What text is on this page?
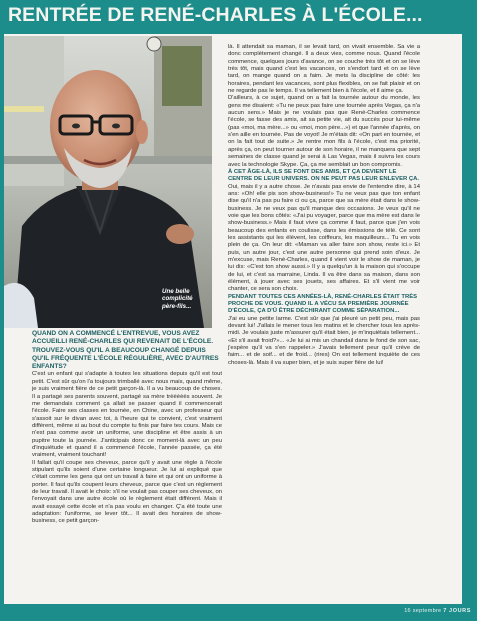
RENTRÉE DE RENÉ-CHARLES À L'ÉCOLE...
Une belle
complicité
père-fils...

QUAND ON A COMMENCÉ L'ENTREVUE, VOUS AVEZ ACCUEILLI RENÉ-CHARLES QUI REVENAIT DE L'ÉCOLE. TROUVEZ-VOUS QU'IL A BEAUCOUP CHANGÉ DEPUIS QU'IL FRÉQUENTE L'ÉCOLE RÉGULIÈRE, AVEC D'AUTRES ENFANTS?

C'est un enfant qui s'adapte à toutes les situations depuis qu'il est tout petit. C'est sûr qu'on l'a toujours trimballé avec nous mais, quand même, je suis vraiment fière de ce petit garçon-là. Il a vu beaucoup de choses. Il a partagé ses parents souvent, partagé sa mère trèèèèès souvent. Je me demandais comment ça allait se passer quand il commencerait l'école. Faire ses classes en tournée, en Chine, avec un professeur qui s'assoit sur le divan avec toi, à l'heure qui te convient, c'est vraiment différent, même si au bout du compte tu finis par faire tes cours. Mais ce n'est pas comme avoir un uniforme, une discipline et être assis à un pupitre toute la journée. J'anticipais donc ce moment-là avec un peu d'inquiétude et quand il a commencé l'école, l'année passée, ça été vraiment, vraiment touchant!

Il fallait qu'il coupe ses cheveux, parce qu'il y avait une règle à l'école stipulant qu'ils soient d'une certaine longueur. Je lui ai expliqué que c'était comme les gens qui ont un travail à faire et qui ont un uniforme à porter. Il faut qu'ils coupent leurs cheveux, parce que c'est un règlement de leur travail. Il avait le choix: s'il ne voulait pas couper ses cheveux, on l'envoyait dans une autre école où le règlement était différent. Mais il avait essayé cette école et n'a pas voulu en changer. Ç'a été toute une adaptation: l'uniforme, se lever tôt... Il avait des horaires de show-business, ce petit garçon-

là. Il attendait sa maman, il se levait tard, on vivait ensemble. Sa vie a donc complètement changé. Il a deux vies, comme nous. Quand l'école commence, quelques jours d'avance, on se couche très tôt et on se lève très tôt, mais quand c'est les vacances, on s'endort tard et on se lève tard, on mange quand on a faim. Je mets la discipline de côté: les horaires, pendant les vacances, sont plus flexibles, on se fait plaisir et on ne regarde pas le temps. Il va tellement bien à l'école, et il aime ça.

D'ailleurs, à ce sujet, quand on a fait la tournée autour du monde, les gens me disaient: «Tu ne peux pas faire une tournée après Vegas, ça n'a aucun sens.» Mais je ne voulais pas que René-Charles commence l'école, se fasse des amis, ait sa petite vie, ait du succès pour lui-même (pas «moi, ma mère...» ou «moi, mon père...») et que l'année d'après, on s'en aille en tournée. Pas de voyot! Je m'étais dit: «On part en tournée, et on la fait tout de suite.» Je rentre mon fils à l'école, c'est ma priorité, après ça, on peut tourner autour de son horaire, il ne manquera que sept semaines de classe quand je serai à Las Vegas, mais il suivra les cours avec la technologie Skype. Ça, ça me semblait un bon compromis.

À CET ÂGE-LÀ, ILS SE FONT DES AMIS, ET ÇA DEVIENT LE CENTRE DE LEUR UNIVERS. ON NE PEUT PAS LEUR ENLEVER ÇA.

Oui, mais il y a autre chose. Je n'avais pas envie de l'entendre dire, à 14 ans: «Oh! elle pis son show-business!» Tu ne veux pas que ton enfant dise qu'il n'a pas pu faire ci ou ça, parce que sa mère était dans le show-business. Je ne veux pas qu'il manque des occasions. Je veux qu'il ne voie que les bons côtés: «J'ai pu voyager, parce que ma mère est dans le show-business.» Mais il faut vivre ça comme il faut, parce que j'en vois beaucoup des enfants en coulisse, dans les émissions de télé. Ce sont les assistants qui les élèvent, les coiffeurs, les maquilleurs... Tu en vois plein de ça. On leur dit: «Maman va aller faire son show, reste ici.» Et puis, un autre jour, c'est une autre personne qui prend soin d'eux. Je m'excuse, mais René-Charles, quand il vient voir le show de maman, je lui dis: «C'est ton show aussi.» Il y a quelqu'un à la maison qui s'occupe de lui, et c'est sa marraine, Linda. Il va être dans sa maison, dans son élément, à jouer avec ses jouets, ses affaires. Et s'il vient me voir chanter, ce sera son choix.

PENDANT TOUTES CES ANNÉES-LÀ, RENÉ-CHARLES ÉTAIT TRÈS PROCHE DE VOUS. QUAND IL A VÉCU SA PREMIÈRE JOURNÉE D'ÉCOLE, ÇA D'Û ÊTRE DÉCHIRANT COMME SÉPARATION...

J'ai eu une petite larme. C'est sûr que j'ai pleuré un petit peu, mais pas devant lui! J'allais le mener tous les matins et le chercher tous les après-midi. Je voulais juste m'assurer qu'il était bien, je m'inquiétais tellement... «Et s'il avait froid?»... «Je lui ai mis un chandail dans le fond de son sac, j'espère qu'il va s'en rappeler.» J'avais tellement peur qu'il crève de faim... et de soif... et de froid... (rires) On est tellement inquiète de ces choses-là. Mais il va super bien, et je suis super fière de lui!

16 septembre 7 JOURS
